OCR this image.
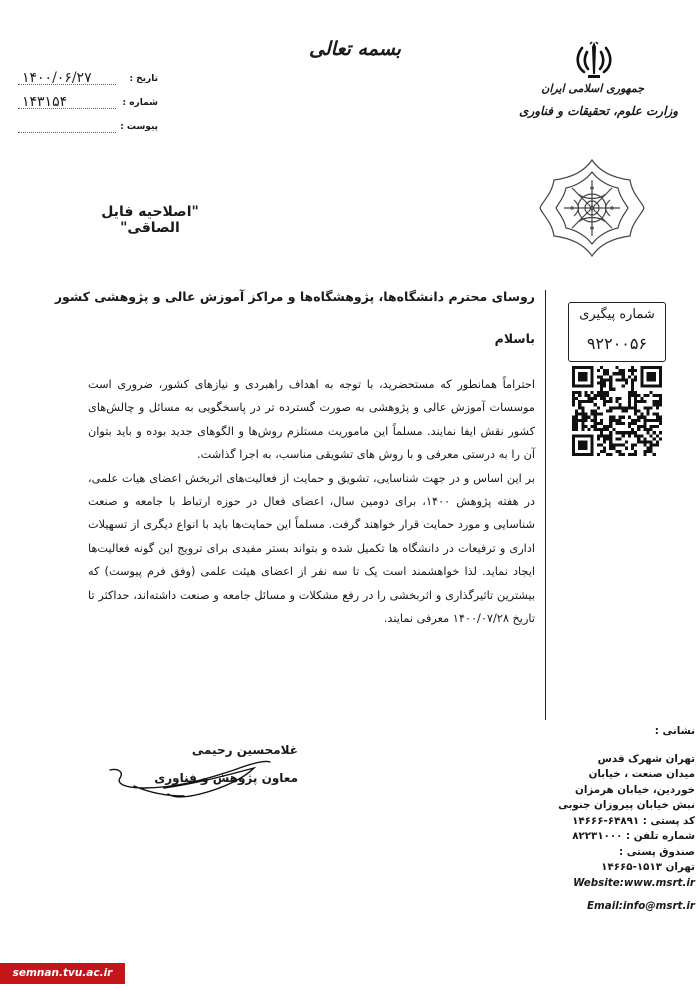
بسمه تعالی
جمهوری اسلامی ایران
وزارت علوم، تحقیقات و فناوری
تاریخ :
۱۴۰۰/۰۶/۲۷
شماره :
۱۴۳۱۵۴
پیوست :
"اصلاحیه فایل الصاقی"
شماره پیگیری
۹۲۲۰۰۵۶
روسای محترم دانشگاه‌ها، پژوهشگاه‌ها و مراکز آموزش عالی و پژوهشی کشور
باسلام

احتراماً همانطور که مستحضرید، با توجه به اهداف راهبردی و نیازهای کشور، ضروری است موسسات آموزش عالی و پژوهشی به صورت گسترده تر در پاسخگویی به مسائل و چالش‌های کشور نقش ایفا نمایند. مسلماً این ماموریت مستلزم روش‌ها و الگوهای جدید بوده و باید بتوان آن را به درستی معرفی و با روش های تشویقی مناسب، به اجرا گذاشت.

بر این اساس و در جهت شناسایی، تشویق و حمایت از فعالیت‌های اثربخش اعضای هیات علمی، در هفته پژوهش ۱۴۰۰، برای دومین سال، اعضای فعال در حوزه ارتباط با جامعه و صنعت شناسایی و مورد حمایت قرار خواهند گرفت. مسلماً این حمایت‌ها باید با انواع دیگری از تسهیلات اداری و ترفیعات در دانشگاه ها تکمیل شده و بتواند بستر مفیدی برای ترویج این گونه فعالیت‌ها ایجاد نماید. لذا خواهشمند است یک تا سه نفر از اعضای هیئت علمی (وفق فرم پیوست) که بیشترین تاثیرگذاری و اثربخشی را در رفع مشکلات و مسائل جامعه و صنعت داشته‌اند، حداکثر تا تاریخ ۱۴۰۰/۰۷/۲۸ معرفی نمایند.

غلامحسین رحیمی
معاون پژوهش و فناوری
نشانی :
تهران شهرک قدس
میدان صنعت ، خیابان
خوردین، خیابان هرمزان
نبش خیابان پیروزان جنوبی
کد پستی : ۶۴۸۹۱-۱۴۶۶۶
شماره تلفن : ۸۲۲۳۱۰۰۰
صندوق پستی :
تهران ۱۵۱۳-۱۴۶۶۵
Website:www.msrt.ir
Email:info@msrt.ir
semnan.tvu.ac.ir
